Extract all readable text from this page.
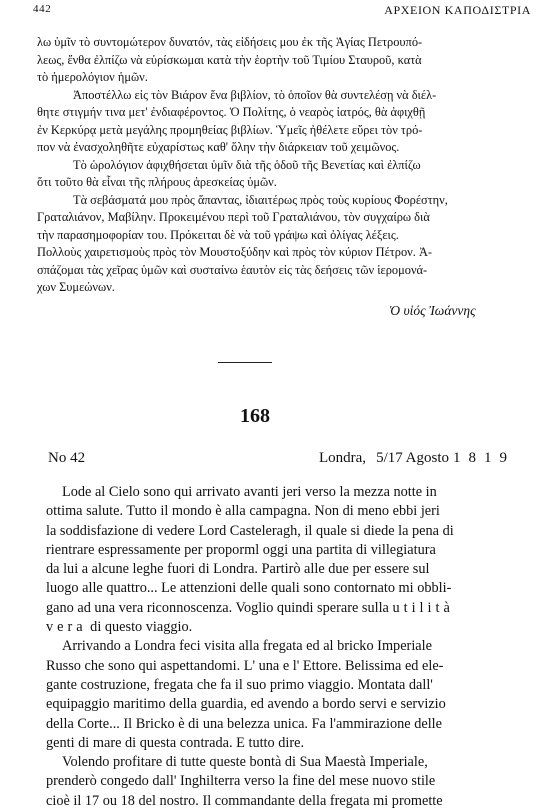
442	ΑΡΧΕΙΟΝ ΚΑΠΟΔΙΣΤΡΙΑ
λω ὑμῖν τὸ συντομώτερον δυνατόν, τὰς εἰδήσεις μου ἐκ τῆς Ἁγίας Πετρουπό-
λεως, ἔνθα ἐλπίζω νὰ εὑρίσκωμαι κατὰ τὴν ἑορτὴν τοῦ Τιμίου Σταυροῦ, κατὰ
τὸ ἡμερολόγιον ἡμῶν.
Ἀποστέλλω εἰς τὸν Βιάρον ἕνα βιβλίον, τὸ ὁποῖον θὰ συντελέσῃ νὰ διέλ-
θητε στιγμήν τινα μετ' ἐνδιαφέροντος. Ὁ Πολίτης, ὁ νεαρὸς ἰατρός, θὰ ἀφιχθῇ
ἐν Κερκύρᾳ μετὰ μεγάλης προμηθείας βιβλίων. Ὑμεῖς ἠθέλετε εὕρει τὸν τρό-
πον νὰ ἐνασχοληθῆτε εὐχαρίστως καθ' ὅλην τὴν διάρκειαν τοῦ χειμῶνος.
Τὸ ὡρολόγιον ἀφιχθήσεται ὑμῖν διὰ τῆς ὁδοῦ τῆς Βενετίας καὶ ἐλπίζω
ὅτι τοῦτο θὰ εἶναι τῆς πλήρους ἀρεσκείας ὑμῶν.
Τὰ σεβάσματά μου πρὸς ἅπαντας, ἰδιαιτέρως πρὸς τοὺς κυρίους Φορέστην,
Γραταλιάνον, Μαβίλην. Προκειμένου περὶ τοῦ Γραταλιάνου, τὸν συγχαίρω διὰ
τὴν παρασημοφορίαν του. Πρόκειται δὲ νὰ τοῦ γράψω καὶ ὀλίγας λέξεις.
Πολλοὺς χαιρετισμοὺς πρὸς τὸν Μουστοξύδην καὶ πρὸς τὸν κύριον Πέτρον. Ἀ-
σπάζομαι τὰς χεῖρας ὑμῶν καὶ συσταίνω ἑαυτὸν εἰς τὰς δεήσεις τῶν ἱερομονά-
χων Συμεώνων.
Ὁ υἱός Ἰωάννης
168
No 42	Londra, 5/17 Agosto 1819
Lode al Cielo sono qui arrivato avanti jeri verso la mezza notte in
ottima salute. Tutto il mondo è alla campagna. Non di meno ebbi jeri
la soddisfazione di vedere Lord Casteleragh, il quale si diede la pena di
rientrare espressamente per proporml oggi una partita di villegiatura
da lui a alcune leghe fuori di Londra. Partirò alle due per essere sul
luogo alle quattro... Le attenzioni delle quali sono contornato mi obbli-
gano ad una vera riconnoscenza. Voglio quindi sperare sulla utilità
vera di questo viaggio.
Arrivando a Londra feci visita alla fregata ed al bricko Imperiale
Russo che sono qui aspettandomi. L' una e l' Ettore. Belissima ed ele-
gante costruzione, fregata che fa il suo primo viaggio. Montata dall'
equipaggio maritimo della guardia, ed avendo a bordo servi e servizio
della Corte... Il Bricko è di una belezza unica. Fa l'ammirazione delle
genti di mare di questa contrada. E tutto dire.
Volendo profitare di tutte queste bontà di Sua Maestà Imperiale,
prenderò congedo dall' Inghilterra verso la fine del mese nuovo stile
cioè il 17 ou 18 del nostro. Il commandante della fregata mi promette
